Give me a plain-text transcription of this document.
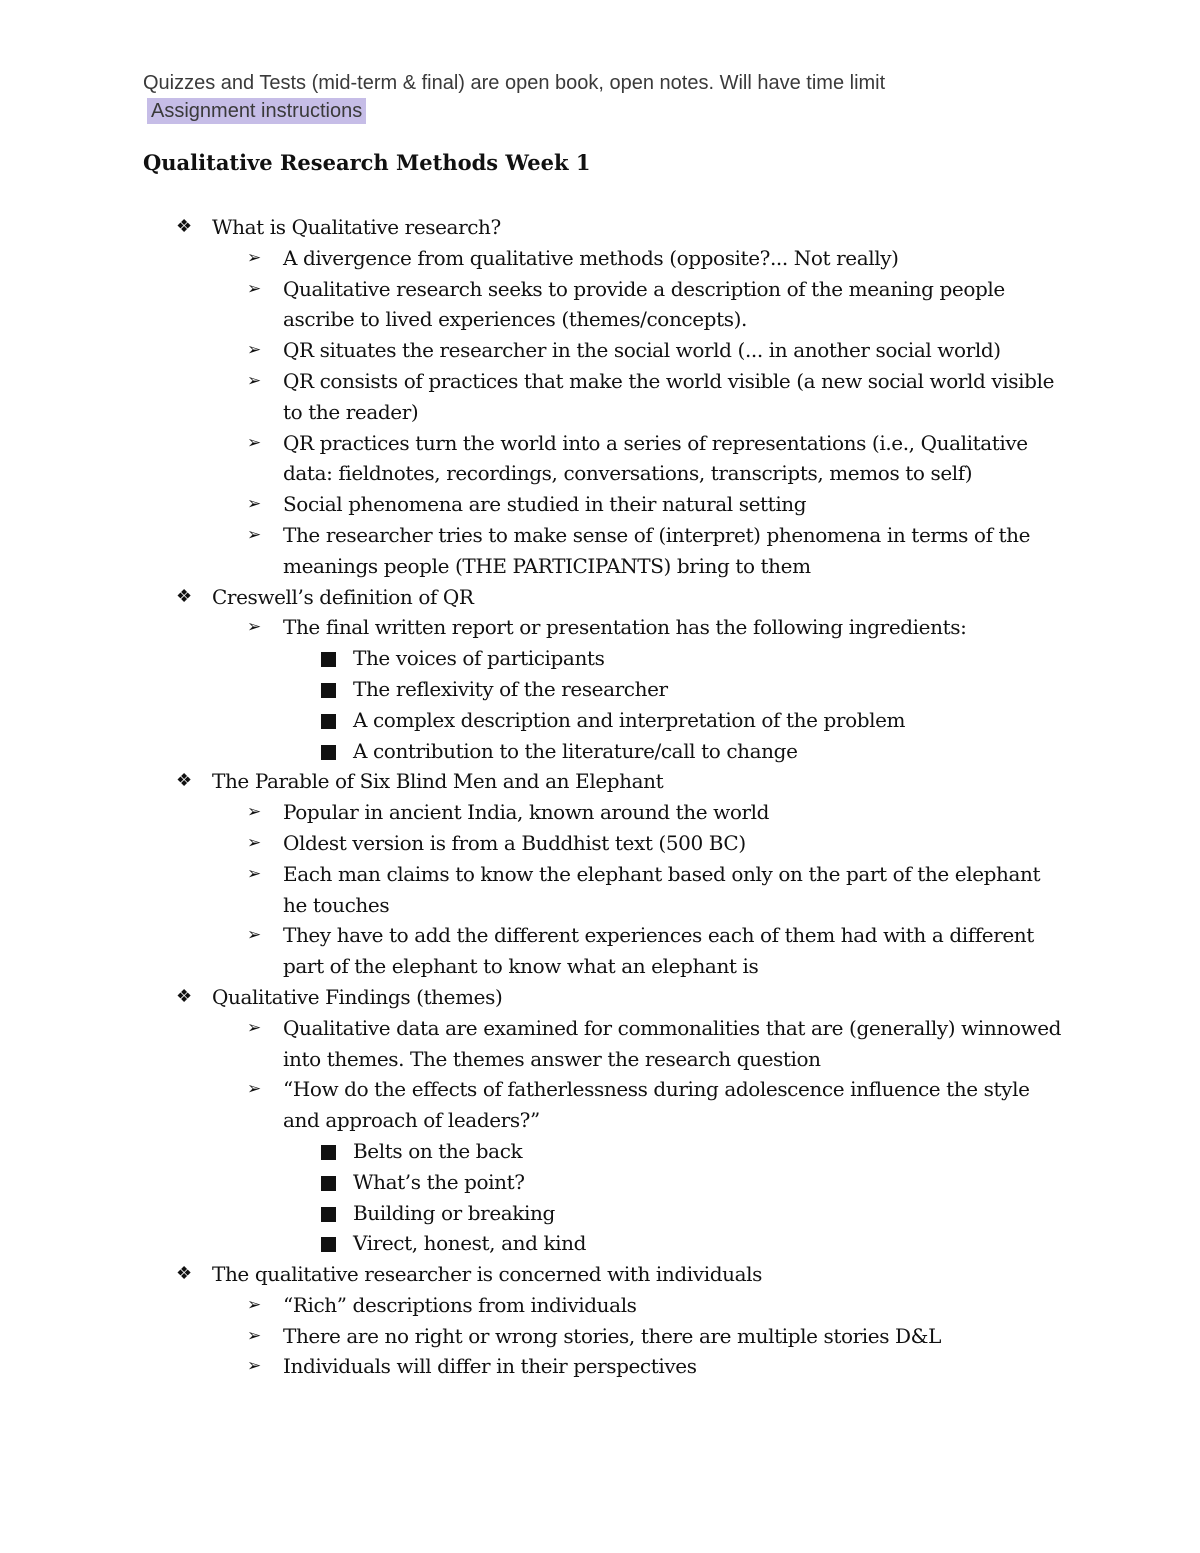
Quizzes and Tests (mid-term & final) are open book, open notes. Will have time limit
Assignment instructions
Qualitative Research Methods Week 1
❖ What is Qualitative research?
➢ A divergence from qualitative methods (opposite?... Not really)
➢ Qualitative research seeks to provide a description of the meaning people ascribe to lived experiences (themes/concepts).
➢ QR situates the researcher in the social world (... in another social world)
➢ QR consists of practices that make the world visible (a new social world visible to the reader)
➢ QR practices turn the world into a series of representations (i.e., Qualitative data: fieldnotes, recordings, conversations, transcripts, memos to self)
➢ Social phenomena are studied in their natural setting
➢ The researcher tries to make sense of (interpret) phenomena in terms of the meanings people (THE PARTICIPANTS) bring to them
❖ Creswell’s definition of QR
➢ The final written report or presentation has the following ingredients:
The voices of participants
The reflexivity of the researcher
A complex description and interpretation of the problem
A contribution to the literature/call to change
❖ The Parable of Six Blind Men and an Elephant
➢ Popular in ancient India, known around the world
➢ Oldest version is from a Buddhist text (500 BC)
➢ Each man claims to know the elephant based only on the part of the elephant he touches
➢ They have to add the different experiences each of them had with a different part of the elephant to know what an elephant is
❖ Qualitative Findings (themes)
➢ Qualitative data are examined for commonalities that are (generally) winnowed into themes. The themes answer the research question
➢ “How do the effects of fatherlessness during adolescence influence the style and approach of leaders?”
Belts on the back
What’s the point?
Building or breaking
Virect, honest, and kind
❖ The qualitative researcher is concerned with individuals
➢ “Rich” descriptions from individuals
➢ There are no right or wrong stories, there are multiple stories D&L
➢ Individuals will differ in their perspectives
